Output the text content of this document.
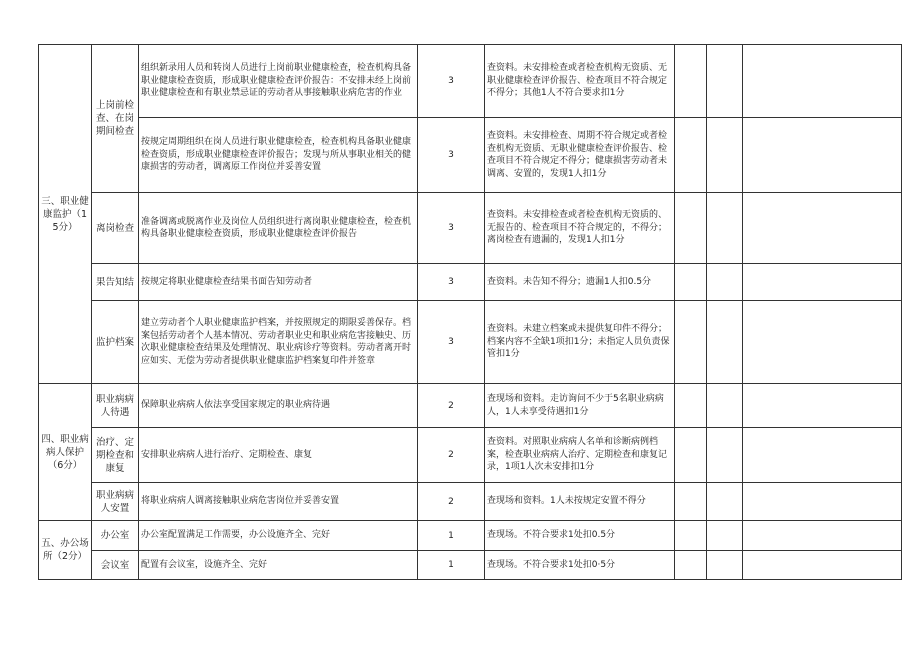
三、职业健康监护（15分）	上岗前检查、在岗期间检查	组织新录用人员和转岗人员进行上岗前职业健康检查，检查机构具备职业健康检查资质，形成职业健康检查评价报告：不安排未经上岗前职业健康检查和有职业禁忌证的劳动者从事接触职业病危害的作业	3	查资料。未安排检查或者检查机构无资质、无职业健康检查评价报告、检查项目不符合规定不得分；其他1人不符合要求扣1分			
		按规定周期组织在岗人员进行职业健康检查，检查机构具备职业健康检查资质，形成职业健康检查评价报告；发现与所从事职业相关的健康损害的劳动者，调离原工作岗位并妥善安置	3	查资料。未安排检查、周期不符合规定或者检查机构无资质、无职业健康检查评价报告、检查项目不符合规定不得分；健康损害劳动者未调离、安置的，发现1人扣1分			
	离岗检查	准备调离或脱离作业及岗位人员组织进行离岗职业健康检查，检查机构具备职业健康检查资质，形成职业健康检查评价报告	3	查资料。未安排检查或者检查机构无资质的、无报告的、检查项目不符合规定的，不得分；离岗检查有遗漏的，发现1人扣1分			
	果告知结	按规定将职业健康检查结果书面告知劳动者	3	查资料。未告知不得分；遗漏1人扣0.5分			
	监护档案	建立劳动者个人职业健康监护档案，并按照规定的期限妥善保存。档案包括劳动者个人基本情况、劳动者职业史和职业病危害接触史、历次职业健康检查结果及处理情况、职业病诊疗等资料。劳动者离开时应如实、无偿为劳动者提供职业健康监护档案复印件并签章	3	查资料。未建立档案或未提供复印件不得分；档案内容不全缺1项扣1分；未指定人员负责保管扣1分			
四、职业病病人保护（6分）	职业病病人待遇	保障职业病病人依法享受国家规定的职业病待遇	2	查现场和资料。走访询问不少于5名职业病病人，1人未享受待遇扣1分			
	治疗、定期检查和康复	安排职业病病人进行治疗、定期检查、康复	2	查资料。对照职业病病人名单和诊断病例档案，检查职业病病人治疗、定期检查和康复记录，1项1人次未安排扣1分			
	职业病病人安置	将职业病病人调离接触职业病危害岗位并妥善安置	2	查现场和资料。1人未按规定安置不得分			
五、办公场所（2分）	办公室	办公室配置满足工作需要，办公设施齐全、完好	1	查现场。不符合要求1处扣0.5分			
	会议室	配置有会议室，设施齐全、完好	1	查现场。不符合要求1处扣0·5分			
